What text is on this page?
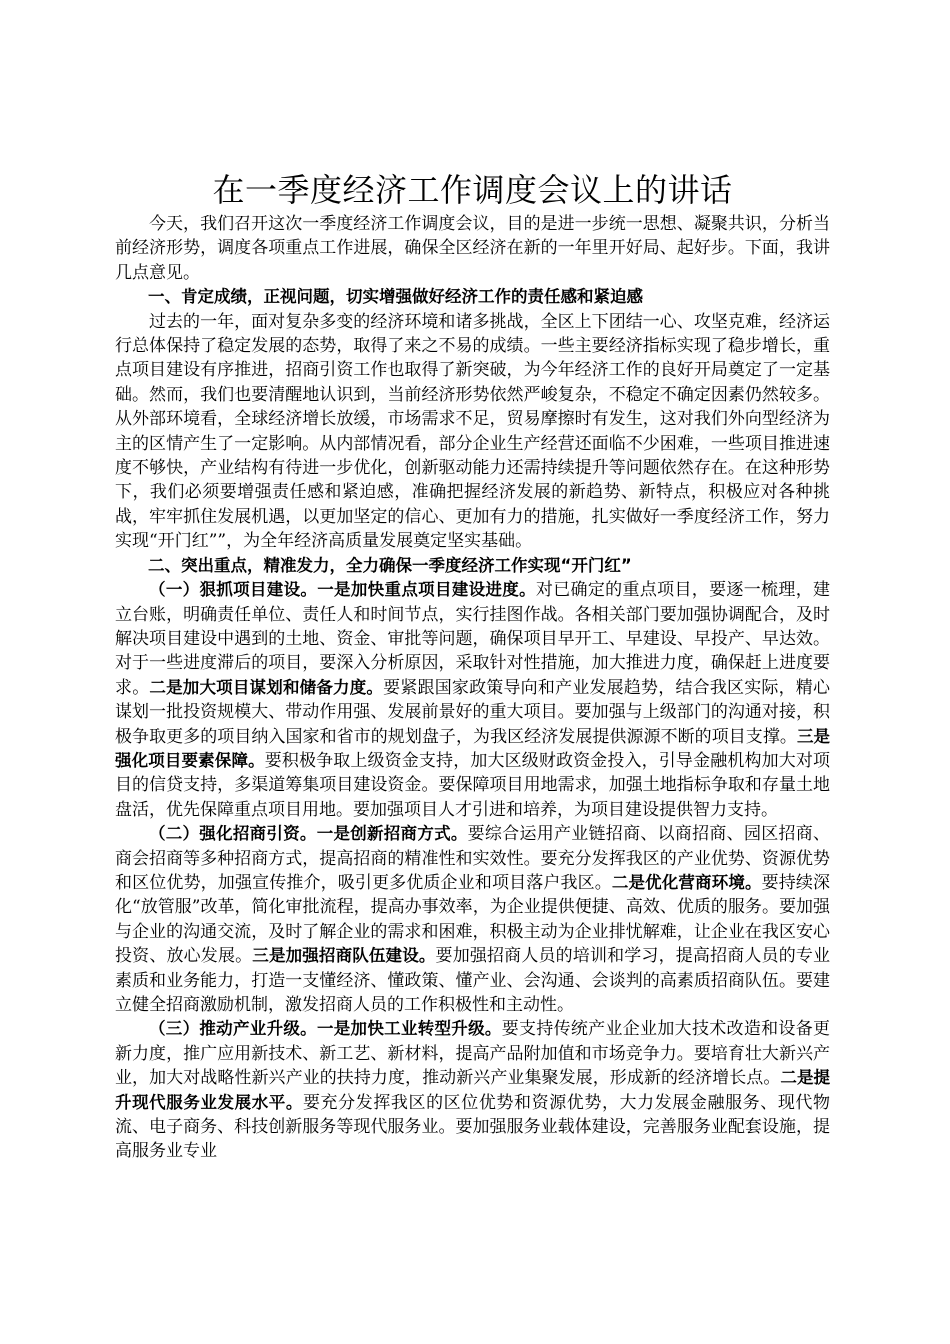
在一季度经济工作调度会议上的讲话

今天，我们召开这次一季度经济工作调度会议，目的是进一步统一思想、凝聚共识，分析当前经济形势，调度各项重点工作进展，确保全区经济在新的一年里开好局、起好步。下面，我讲几点意见。

一、肯定成绩，正视问题，切实增强做好经济工作的责任感和紧迫感

过去的一年，面对复杂多变的经济环境和诸多挑战，全区上下团结一心、攻坚克难，经济运行总体保持了稳定发展的态势，取得了来之不易的成绩。一些主要经济指标实现了稳步增长，重点项目建设有序推进，招商引资工作也取得了新突破，为今年经济工作的良好开局奠定了一定基础。然而，我们也要清醒地认识到，当前经济形势依然严峻复杂，不稳定不确定因素仍然较多。从外部环境看，全球经济增长放缓，市场需求不足，贸易摩擦时有发生，这对我们外向型经济为主的区情产生了一定影响。从内部情况看，部分企业生产经营还面临不少困难，一些项目推进速度不够快，产业结构有待进一步优化，创新驱动能力还需持续提升等问题依然存在。在这种形势下，我们必须要增强责任感和紧迫感，准确把握经济发展的新趋势、新特点，积极应对各种挑战，牢牢抓住发展机遇，以更加坚定的信心、更加有力的措施，扎实做好一季度经济工作，努力实现“开门红””，为全年经济高质量发展奠定坚实基础。

二、突出重点，精准发力，全力确保一季度经济工作实现“开门红”

（一）狠抓项目建设。一是加快重点项目建设进度。对已确定的重点项目，要逐一梳理，建立台账，明确责任单位、责任人和时间节点，实行挂图作战。各相关部门要加强协调配合，及时解决项目建设中遇到的土地、资金、审批等问题，确保项目早开工、早建设、早投产、早达效。对于一些进度滞后的项目，要深入分析原因，采取针对性措施，加大推进力度，确保赶上进度要求。二是加大项目谋划和储备力度。要紧跟国家政策导向和产业发展趋势，结合我区实际，精心谋划一批投资规模大、带动作用强、发展前景好的重大项目。要加强与上级部门的沟通对接，积极争取更多的项目纳入国家和省市的规划盘子，为我区经济发展提供源源不断的项目支撑。三是强化项目要素保障。要积极争取上级资金支持，加大区级财政资金投入，引导金融机构加大对项目的信贷支持，多渠道筹集项目建设资金。要保障项目用地需求，加强土地指标争取和存量土地盘活，优先保障重点项目用地。要加强项目人才引进和培养，为项目建设提供智力支持。

（二）强化招商引资。一是创新招商方式。要综合运用产业链招商、以商招商、园区招商、商会招商等多种招商方式，提高招商的精准性和实效性。要充分发挥我区的产业优势、资源优势和区位优势，加强宣传推介，吸引更多优质企业和项目落户我区。二是优化营商环境。要持续深化“放管服”改革，简化审批流程，提高办事效率，为企业提供便捷、高效、优质的服务。要加强与企业的沟通交流，及时了解企业的需求和困难，积极主动为企业排忧解难，让企业在我区安心投资、放心发展。三是加强招商队伍建设。要加强招商人员的培训和学习，提高招商人员的专业素质和业务能力，打造一支懂经济、懂政策、懂产业、会沟通、会谈判的高素质招商队伍。要建立健全招商激励机制，激发招商人员的工作积极性和主动性。

（三）推动产业升级。一是加快工业转型升级。要支持传统产业企业加大技术改造和设备更新力度，推广应用新技术、新工艺、新材料，提高产品附加值和市场竞争力。要培育壮大新兴产业，加大对战略性新兴产业的扶持力度，推动新兴产业集聚发展，形成新的经济增长点。二是提升现代服务业发展水平。要充分发挥我区的区位优势和资源优势，大力发展金融服务、现代物流、电子商务、科技创新服务等现代服务业。要加强服务业载体建设，完善服务业配套设施，提高服务业专业
